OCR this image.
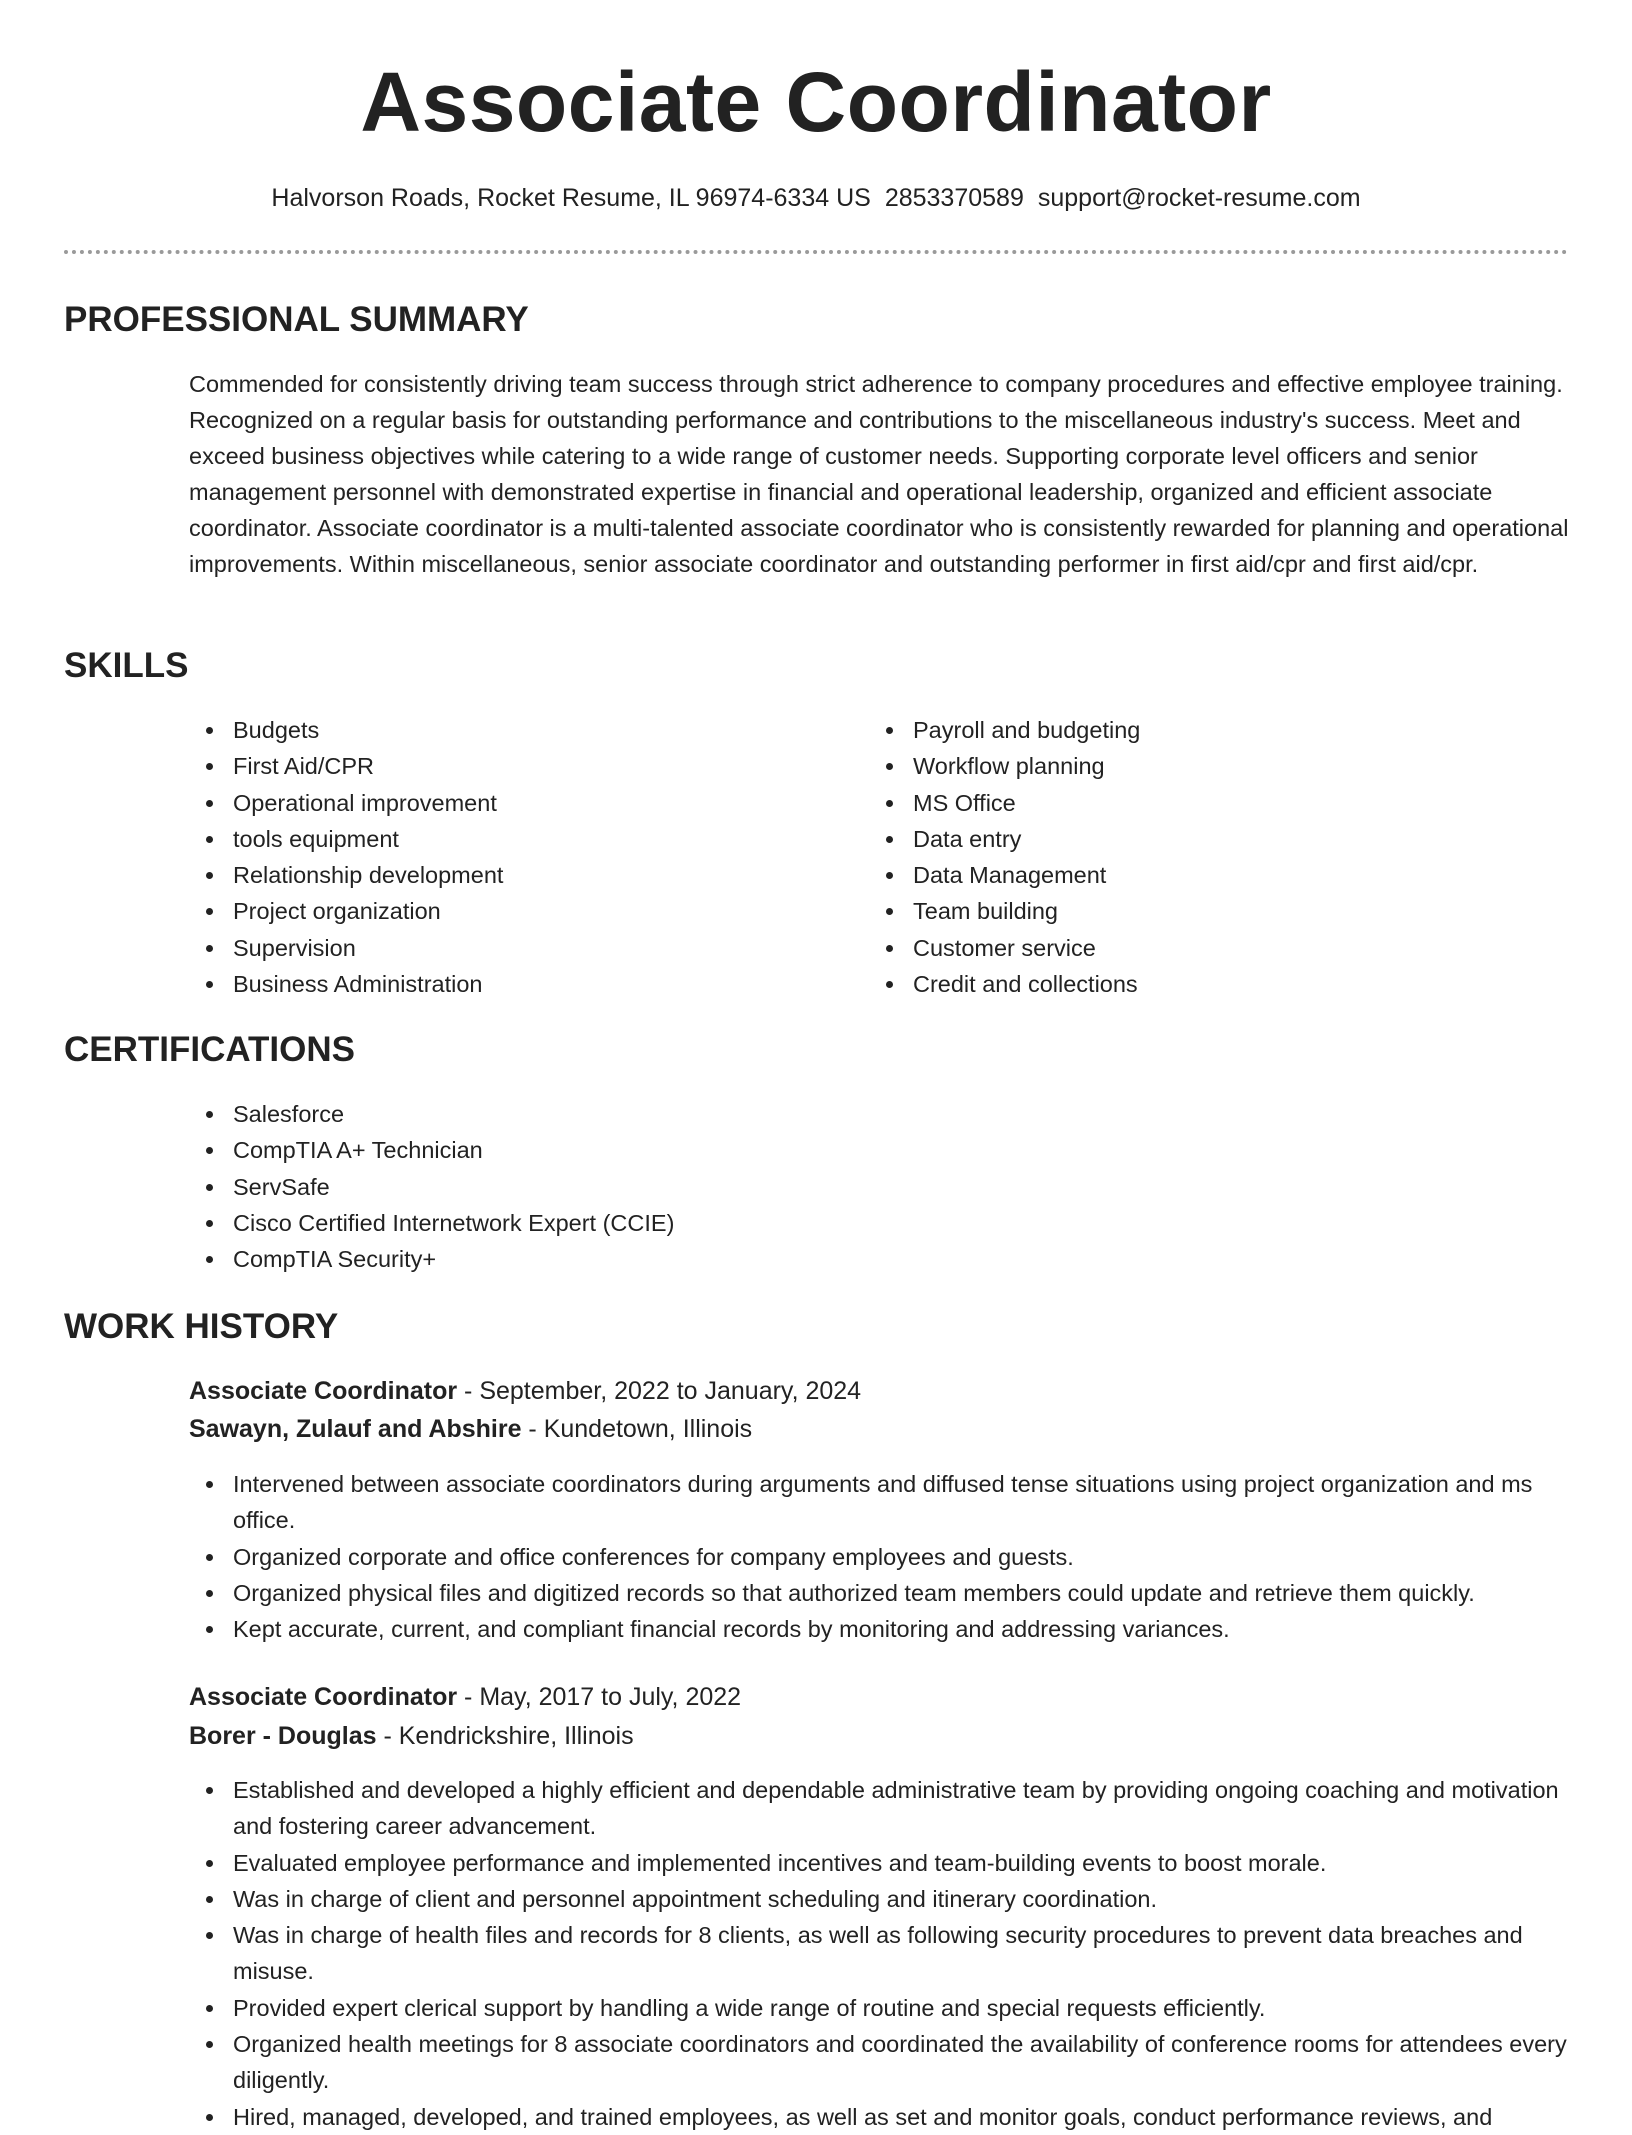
Associate Coordinator
Halvorson Roads, Rocket Resume, IL 96974-6334 US 2853370589 support@rocket-resume.com
PROFESSIONAL SUMMARY

Commended for consistently driving team success through strict adherence to company procedures and effective employee training. Recognized on a regular basis for outstanding performance and contributions to the miscellaneous industry's success. Meet and exceed business objectives while catering to a wide range of customer needs. Supporting corporate level officers and senior management personnel with demonstrated expertise in financial and operational leadership, organized and efficient associate coordinator. Associate coordinator is a multi-talented associate coordinator who is consistently rewarded for planning and operational improvements. Within miscellaneous, senior associate coordinator and outstanding performer in first aid/cpr and first aid/cpr.

SKILLS
Budgets
First Aid/CPR
Operational improvement
tools equipment
Relationship development
Project organization
Supervision
Business Administration
Payroll and budgeting
Workflow planning
MS Office
Data entry
Data Management
Team building
Customer service
Credit and collections
CERTIFICATIONS
Salesforce
CompTIA A+ Technician
ServSafe
Cisco Certified Internetwork Expert (CCIE)
CompTIA Security+
WORK HISTORY
Associate Coordinator - September, 2022 to January, 2024
Sawayn, Zulauf and Abshire - Kundetown, Illinois
Intervened between associate coordinators during arguments and diffused tense situations using project organization and ms office.
Organized corporate and office conferences for company employees and guests.
Organized physical files and digitized records so that authorized team members could update and retrieve them quickly.
Kept accurate, current, and compliant financial records by monitoring and addressing variances.
Associate Coordinator - May, 2017 to July, 2022
Borer - Douglas - Kendrickshire, Illinois
Established and developed a highly efficient and dependable administrative team by providing ongoing coaching and motivation and fostering career advancement.
Evaluated employee performance and implemented incentives and team-building events to boost morale.
Was in charge of client and personnel appointment scheduling and itinerary coordination.
Was in charge of health files and records for 8 clients, as well as following security procedures to prevent data breaches and misuse.
Provided expert clerical support by handling a wide range of routine and special requests efficiently.
Organized health meetings for 8 associate coordinators and coordinated the availability of conference rooms for attendees every diligently.
Hired, managed, developed, and trained employees, as well as set and monitor goals, conduct performance reviews, and
